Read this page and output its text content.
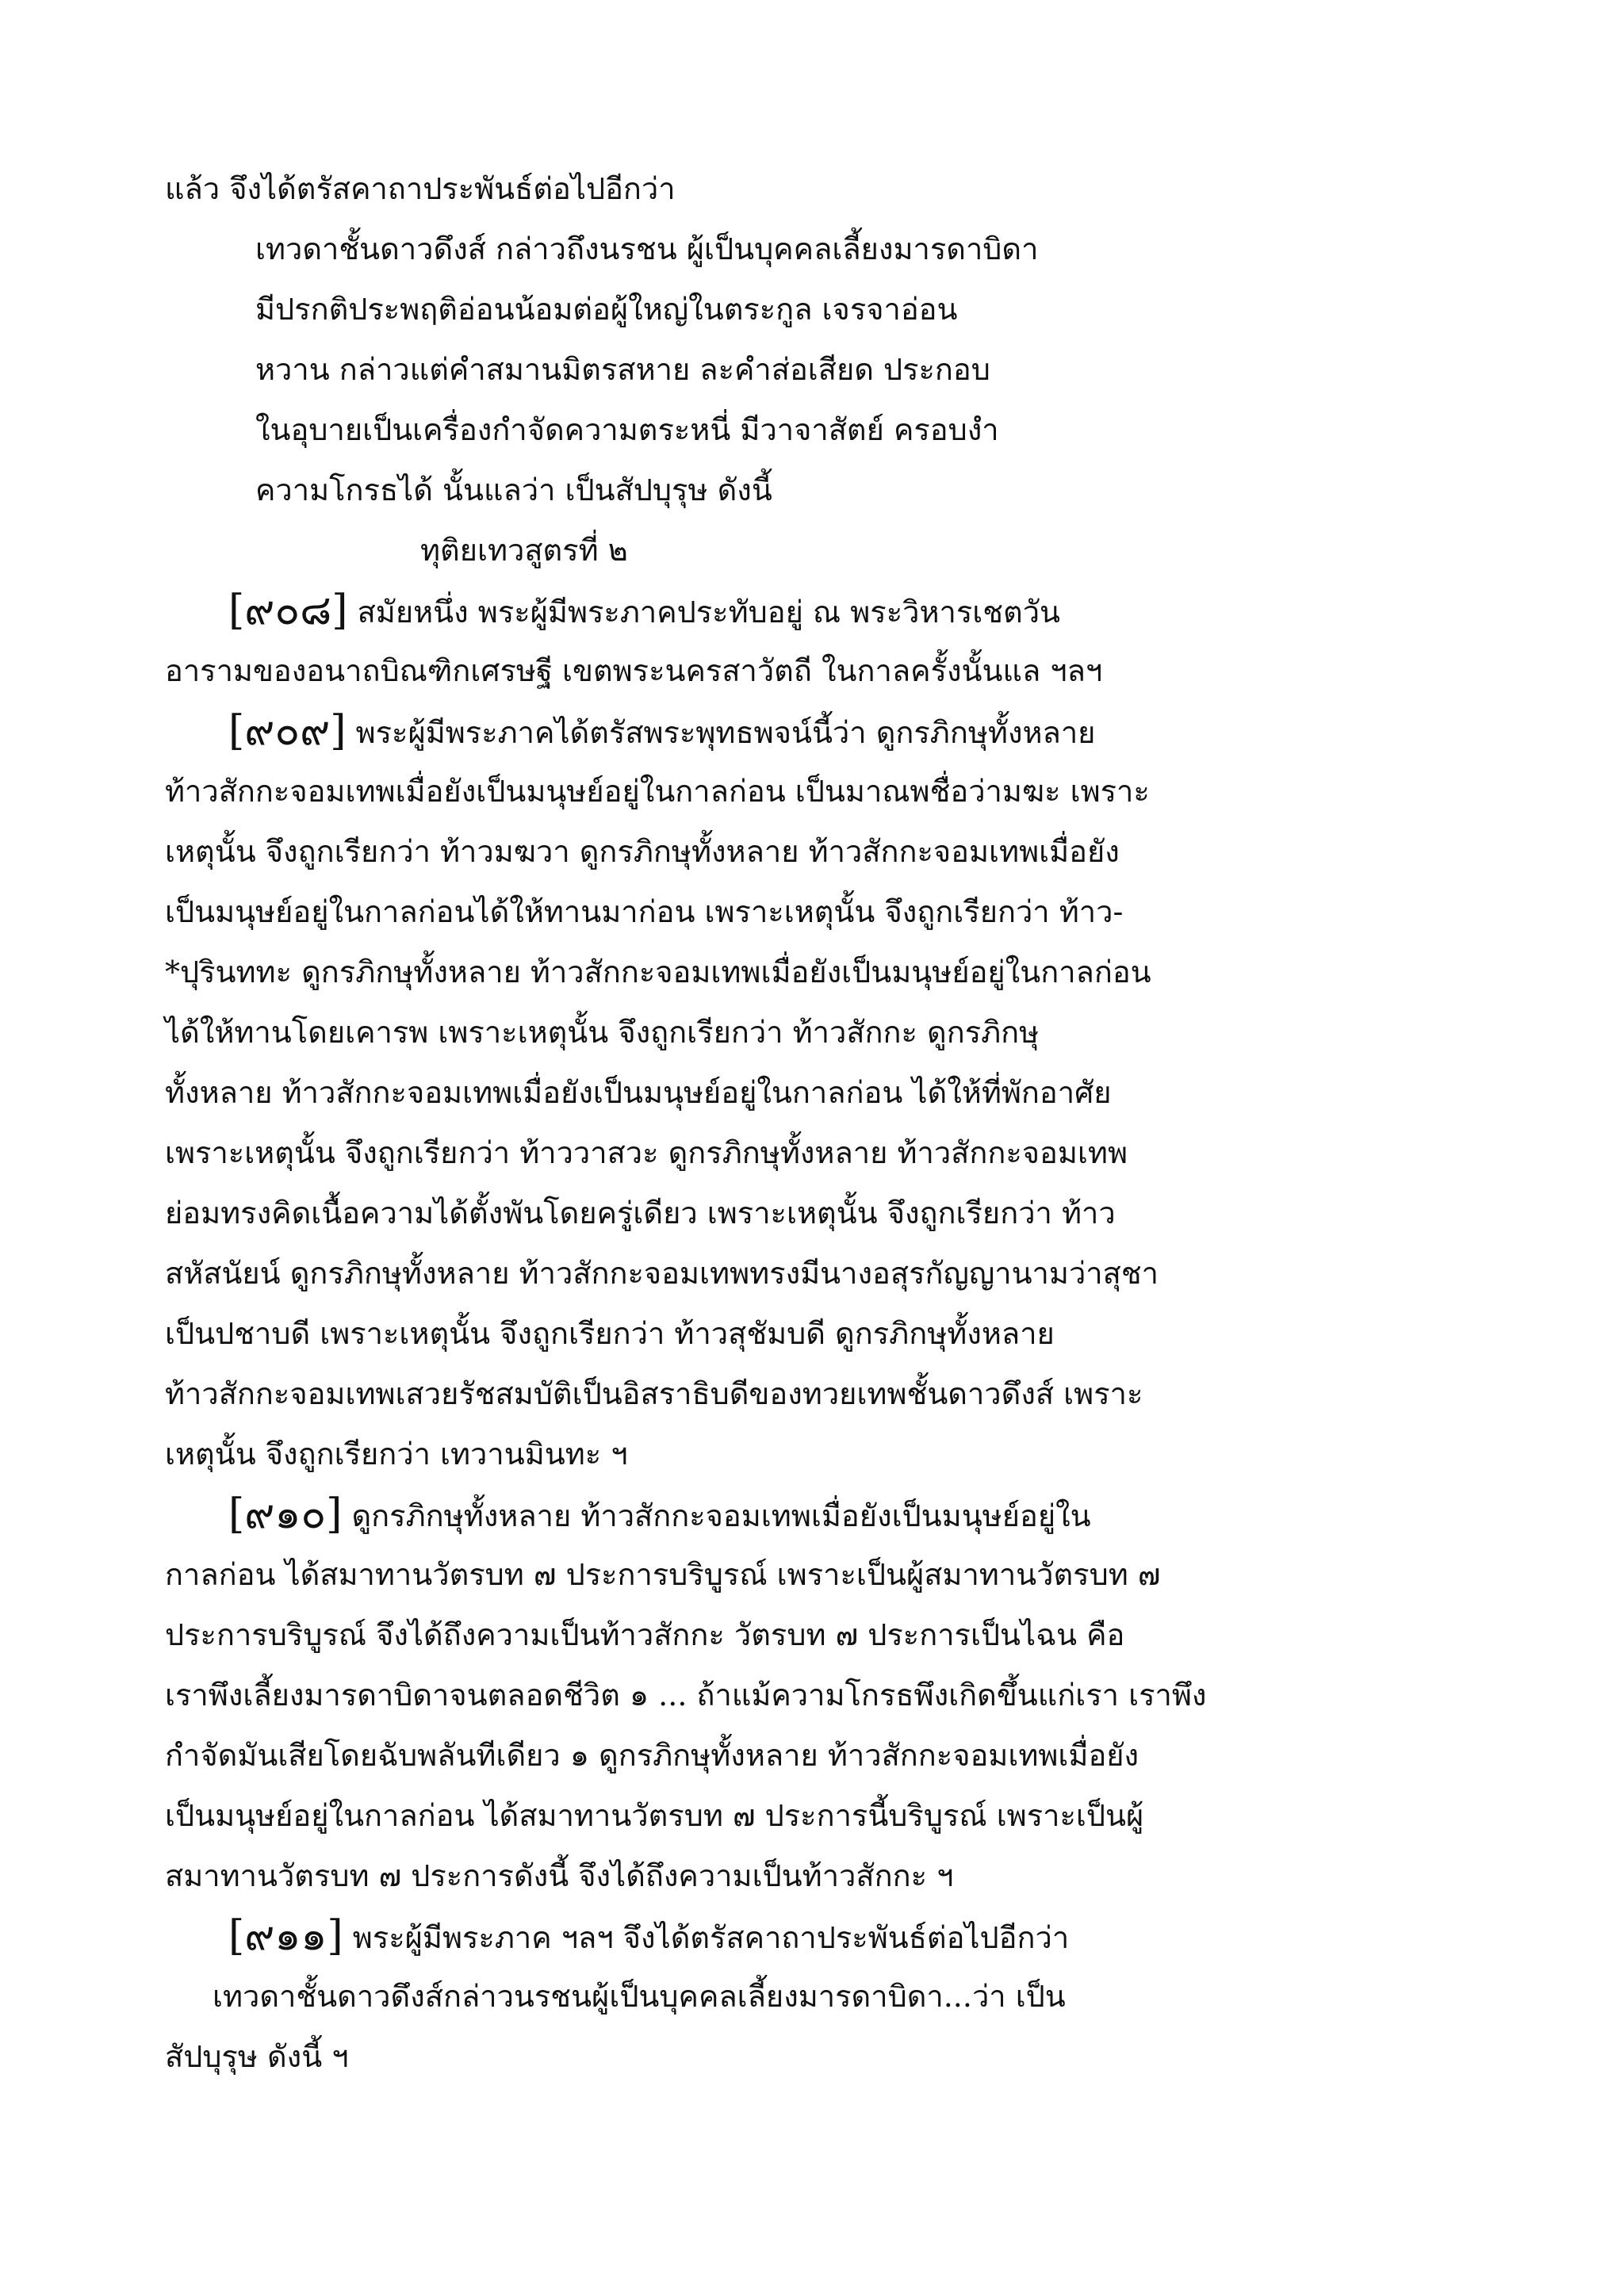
แล้ว จึงได้ตรัสคาถาประพันธ์ต่อไปอีกว่า
เทวดาชั้นดาวดึงส์ กล่าวถึงนรชน ผู้เป็นบุคคลเลี้ยงมารดาบิดา
มีปรกติประพฤติอ่อนน้อมต่อผู้ใหญ่ในตระกูล เจรจาอ่อน
หวาน กล่าวแต่คำสมานมิตรสหาย ละคำส่อเสียด ประกอบ
ในอุบายเป็นเครื่องกำจัดความตระหนี่ มีวาจาสัตย์ ครอบงำ
ความโกรธได้ นั้นแลว่า เป็นสัปบุรุษ ดังนี้
ทุติยเทวสูตรที่ ๒
[๙๐๘] สมัยหนึ่ง พระผู้มีพระภาคประทับอยู่ ณ พระวิหารเชตวัน
อารามของอนาถบิณฑิกเศรษฐี เขตพระนครสาวัตถี ในกาลครั้งนั้นแล ฯลฯ
[๙๐๙] พระผู้มีพระภาคได้ตรัสพระพุทธพจน์นี้ว่า ดูกรภิกษุทั้งหลาย
ท้าวสักกะจอมเทพเมื่อยังเป็นมนุษย์อยู่ในกาลก่อน เป็นมาณพชื่อว่ามฆะ เพราะ
เหตุนั้น จึงถูกเรียกว่า ท้าวมฆวา ดูกรภิกษุทั้งหลาย ท้าวสักกะจอมเทพเมื่อยัง
เป็นมนุษย์อยู่ในกาลก่อนได้ให้ทานมาก่อน เพราะเหตุนั้น จึงถูกเรียกว่า ท้าว-
*ปุรินททะ ดูกรภิกษุทั้งหลาย ท้าวสักกะจอมเทพเมื่อยังเป็นมนุษย์อยู่ในกาลก่อน
ได้ให้ทานโดยเคารพ เพราะเหตุนั้น จึงถูกเรียกว่า ท้าวสักกะ ดูกรภิกษุ
ทั้งหลาย ท้าวสักกะจอมเทพเมื่อยังเป็นมนุษย์อยู่ในกาลก่อน ได้ให้ที่พักอาศัย
เพราะเหตุนั้น จึงถูกเรียกว่า ท้าววาสวะ ดูกรภิกษุทั้งหลาย ท้าวสักกะจอมเทพ
ย่อมทรงคิดเนื้อความได้ตั้งพันโดยครู่เดียว เพราะเหตุนั้น จึงถูกเรียกว่า ท้าว
สหัสนัยน์ ดูกรภิกษุทั้งหลาย ท้าวสักกะจอมเทพทรงมีนางอสุรกัญญานามว่าสุชา
เป็นปชาบดี เพราะเหตุนั้น จึงถูกเรียกว่า ท้าวสุชัมบดี ดูกรภิกษุทั้งหลาย
ท้าวสักกะจอมเทพเสวยรัชสมบัติเป็นอิสราธิบดีของทวยเทพชั้นดาวดึงส์ เพราะ
เหตุนั้น จึงถูกเรียกว่า เทวานมินทะ ฯ
[๙๑๐] ดูกรภิกษุทั้งหลาย ท้าวสักกะจอมเทพเมื่อยังเป็นมนุษย์อยู่ใน
กาลก่อน ได้สมาทานวัตรบท ๗ ประการบริบูรณ์ เพราะเป็นผู้สมาทานวัตรบท ๗
ประการบริบูรณ์ จึงได้ถึงความเป็นท้าวสักกะ วัตรบท ๗ ประการเป็นไฉน คือ
เราพึงเลี้ยงมารดาบิดาจนตลอดชีวิต ๑ ... ถ้าแม้ความโกรธพึงเกิดขึ้นแก่เรา เราพึง
กำจัดมันเสียโดยฉับพลันทีเดียว ๑ ดูกรภิกษุทั้งหลาย ท้าวสักกะจอมเทพเมื่อยัง
เป็นมนุษย์อยู่ในกาลก่อน ได้สมาทานวัตรบท ๗ ประการนี้บริบูรณ์ เพราะเป็นผู้
สมาทานวัตรบท ๗ ประการดังนี้ จึงได้ถึงความเป็นท้าวสักกะ ฯ
[๙๑๑] พระผู้มีพระภาค ฯลฯ จึงได้ตรัสคาถาประพันธ์ต่อไปอีกว่า
เทวดาชั้นดาวดึงส์กล่าวนรชนผู้เป็นบุคคลเลี้ยงมารดาบิดา...ว่า เป็น
สัปบุรุษ ดังนี้ ฯ
